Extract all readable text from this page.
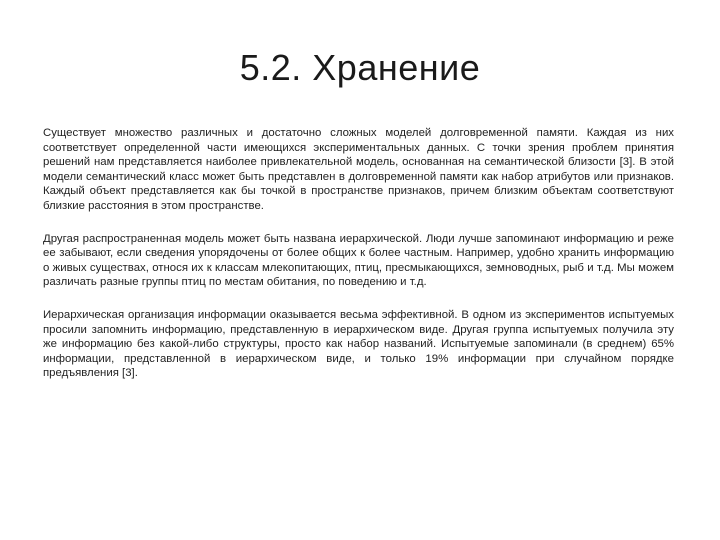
5.2. Хранение

Существует множество различных и достаточно сложных моделей долговременной памяти. Каждая из них соответствует определенной части имеющихся экспериментальных данных. С точки зрения проблем принятия решений нам представляется наиболее привлекательной модель, основанная на семантической близости [3]. В этой модели семантический класс может быть представлен в долговременной памяти как набор атрибутов или признаков. Каждый объект представляется как бы точкой в пространстве признаков, причем близким объектам соответствуют близкие расстояния в этом пространстве.

Другая распространенная модель может быть названа иерархической. Люди лучше запоминают информацию и реже ее забывают, если сведения упорядочены от более общих к более частным. Например, удобно хранить информацию о живых существах, относя их к классам млекопитающих, птиц, пресмыкающихся, земноводных, рыб и т.д. Мы можем различать разные группы птиц по местам обитания, по поведению и т.д.

Иерархическая организация информации оказывается весьма эффективной. В одном из экспериментов испытуемых просили запомнить информацию, представленную в иерархическом виде. Другая группа испытуемых получила эту же информацию без какой-либо структуры, просто как набор названий. Испытуемые запоминали (в среднем) 65% информации, представленной в иерархическом виде, и только 19% информации при случайном порядке предъявления [3].
